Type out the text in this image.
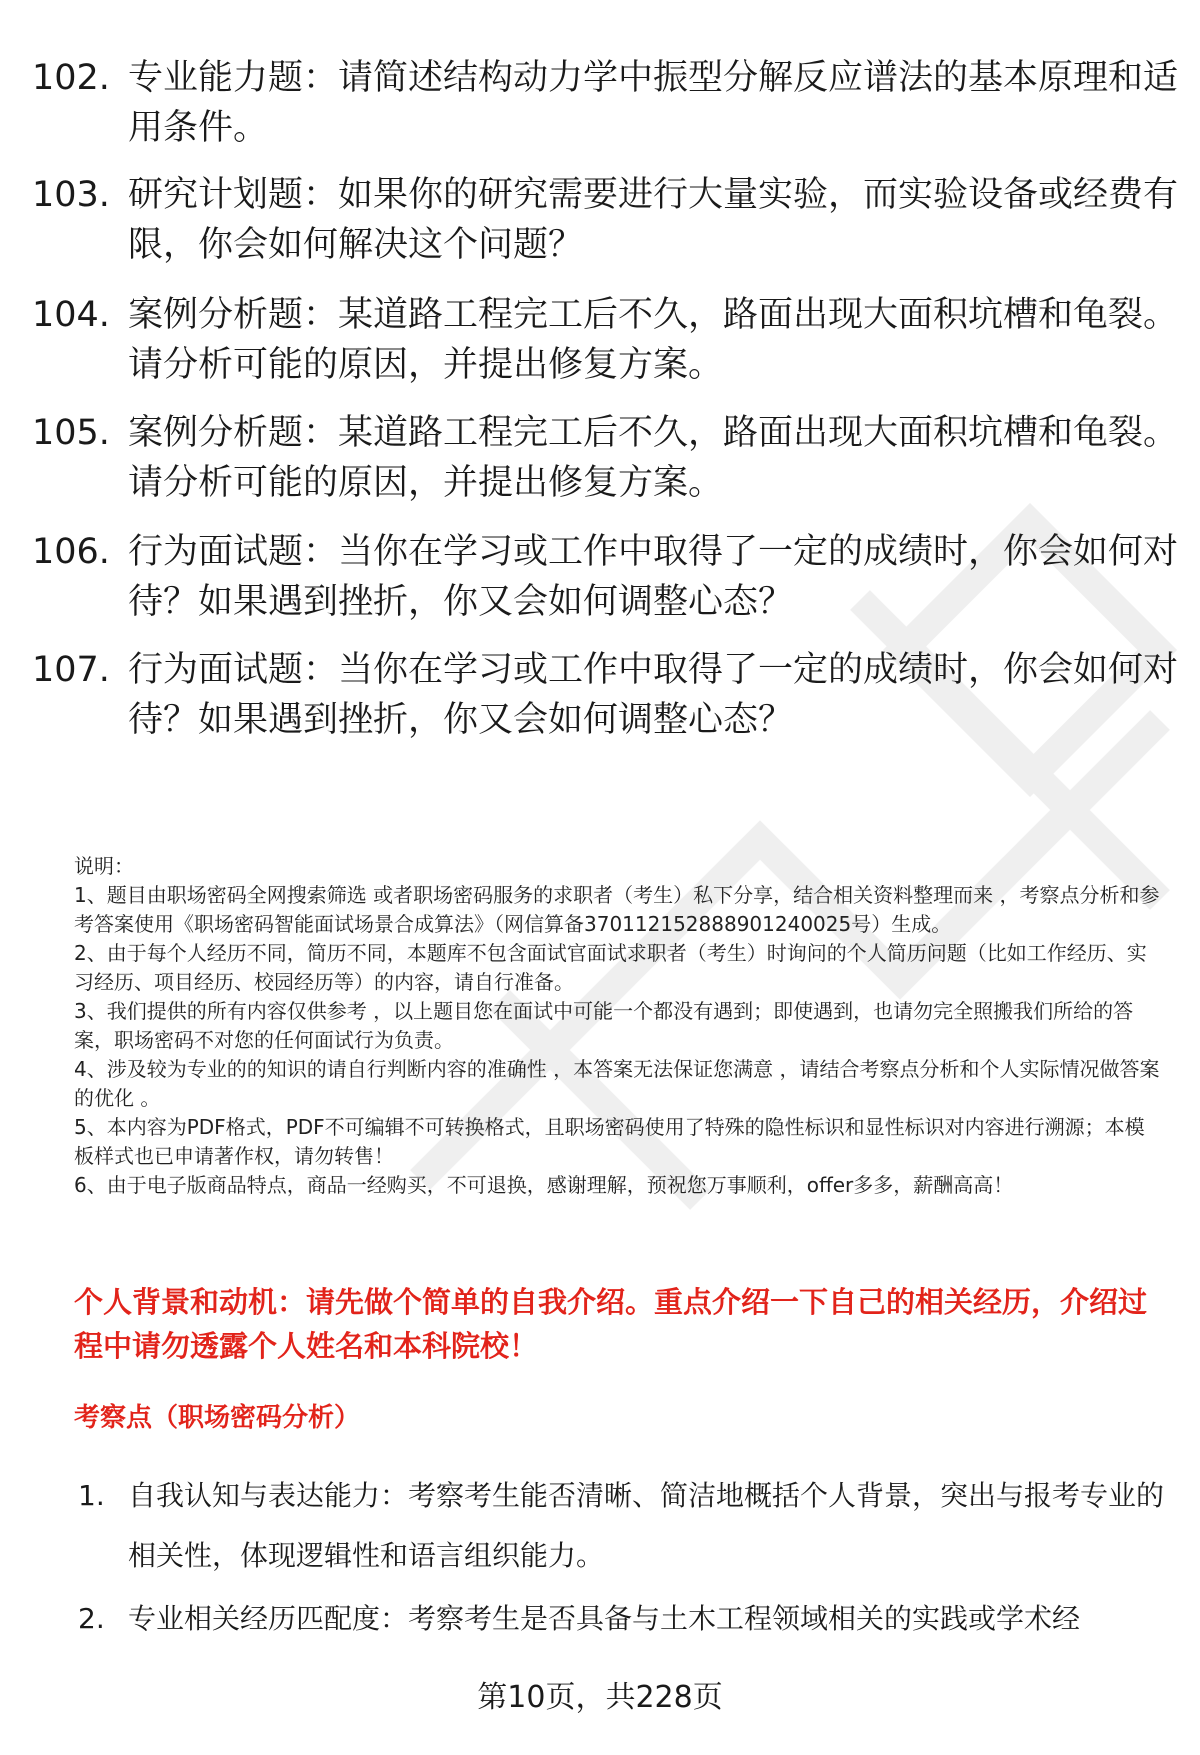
102. 专业能力题：请简述结构动力学中振型分解反应谱法的基本原理和适用条件。
103. 研究计划题：如果你的研究需要进行大量实验，而实验设备或经费有限，你会如何解决这个问题？
104. 案例分析题：某道路工程完工后不久，路面出现大面积坑槽和龟裂。请分析可能的原因，并提出修复方案。
105. 案例分析题：某道路工程完工后不久，路面出现大面积坑槽和龟裂。请分析可能的原因，并提出修复方案。
106. 行为面试题：当你在学习或工作中取得了一定的成绩时，你会如何对待？如果遇到挫折，你又会如何调整心态？
107. 行为面试题：当你在学习或工作中取得了一定的成绩时，你会如何对待？如果遇到挫折，你又会如何调整心态？

说明：

1、题目由职场密码全网搜索筛选 或者职场密码服务的求职者（考生）私下分享，结合相关资料整理而来 ，考察点分析和参考答案使用《职场密码智能面试场景合成算法》（网信算备370112152888901240025号）生成。

2、由于每个人经历不同，简历不同，本题库不包含面试官面试求职者（考生）时询问的个人简历问题（比如工作经历、实习经历、项目经历、校园经历等）的内容，请自行准备。

3、我们提供的所有内容仅供参考 ，以上题目您在面试中可能一个都没有遇到；即使遇到，也请勿完全照搬我们所给的答案，职场密码不对您的任何面试行为负责。

4、涉及较为专业的的知识的请自行判断内容的准确性 ，本答案无法保证您满意 ，请结合考察点分析和个人实际情况做答案的优化 。

5、本内容为PDF格式，PDF不可编辑不可转换格式，且职场密码使用了特殊的隐性标识和显性标识对内容进行溯源；本模板样式也已申请著作权，请勿转售！

6、由于电子版商品特点，商品一经购买，不可退换，感谢理解，预祝您万事顺利，offer多多，薪酬高高！

个人背景和动机：请先做个简单的自我介绍。重点介绍一下自己的相关经历，介绍过程中请勿透露个人姓名和本科院校！
考察点（职场密码分析）
1. 自我认知与表达能力：考察考生能否清晰、简洁地概括个人背景，突出与报考专业的相关性，体现逻辑性和语言组织能力。
2. 专业相关经历匹配度：考察考生是否具备与土木工程领域相关的实践或学术经
第10页，共228页
